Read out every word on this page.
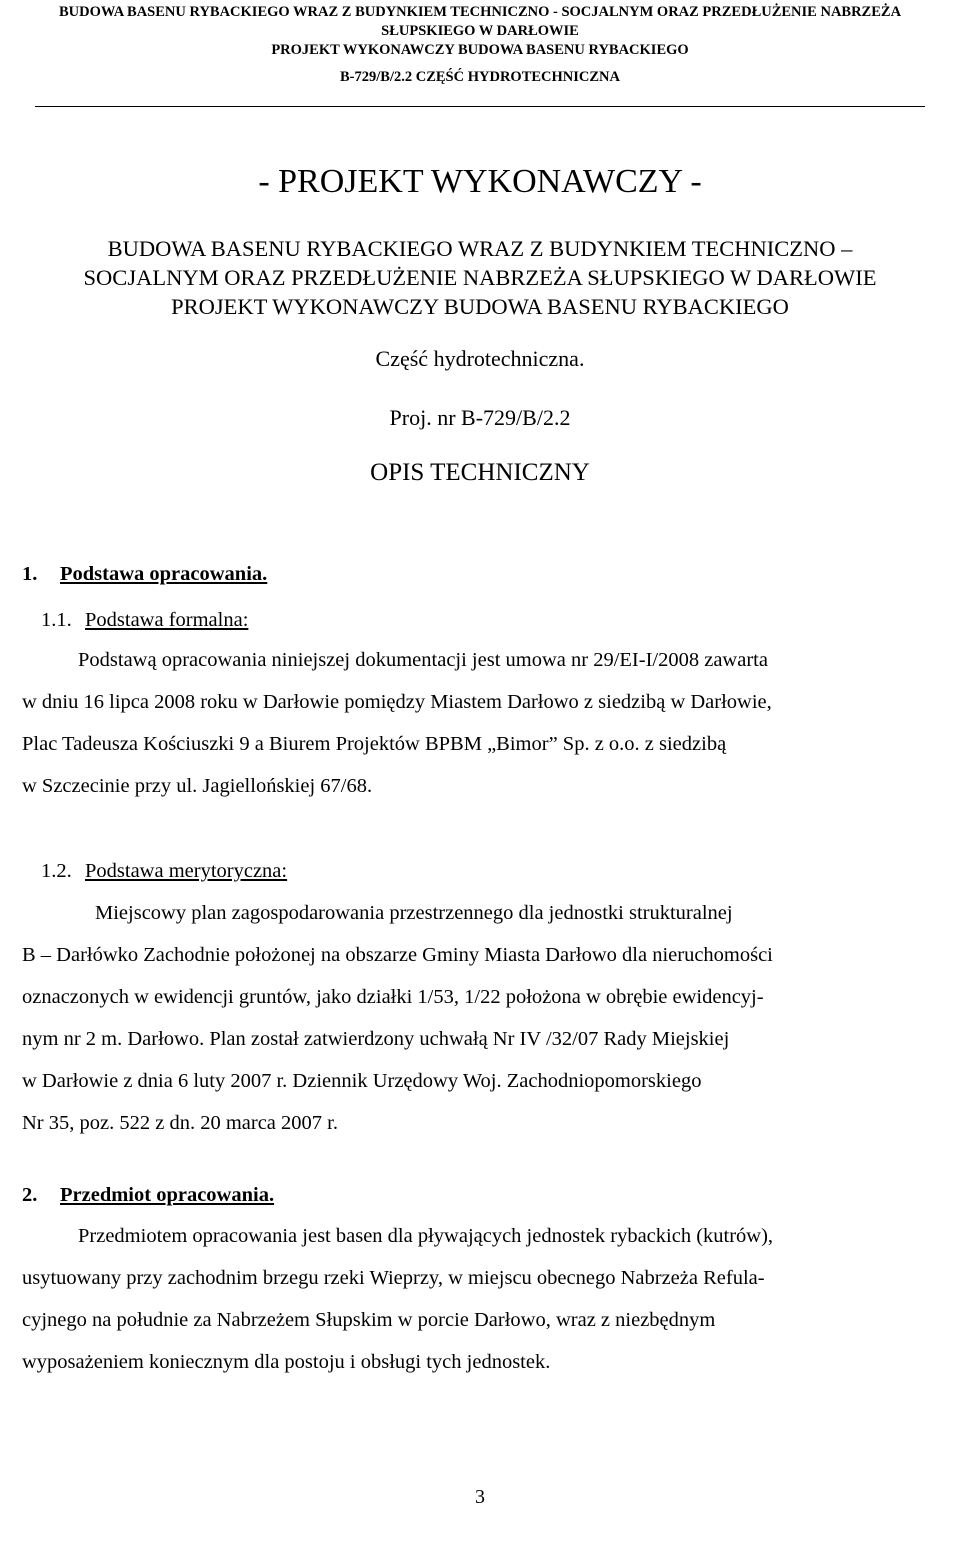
BUDOWA BASENU RYBACKIEGO WRAZ Z BUDYNKIEM TECHNICZNO - SOCJALNYM ORAZ PRZEDŁUŻENIE NABRZEŻA
SŁUPSKIEGO W DARŁOWIE
PROJEKT WYKONAWCZY BUDOWA BASENU RYBACKIEGO
B-729/B/2.2 CZĘŚĆ HYDROTECHNICZNA
- PROJEKT WYKONAWCZY -
BUDOWA BASENU RYBACKIEGO WRAZ Z BUDYNKIEM TECHNICZNO –
SOCJALNYM ORAZ PRZEDŁUŻENIE NABRZEŻA SŁUPSKIEGO W DARŁOWIE
PROJEKT WYKONAWCZY BUDOWA BASENU RYBACKIEGO
Część hydrotechniczna.
Proj. nr B-729/B/2.2
OPIS TECHNICZNY
1. Podstawa opracowania.
1.1. Podstawa formalna:
Podstawą opracowania niniejszej dokumentacji jest umowa nr 29/EI-I/2008 zawarta
w dniu 16 lipca 2008 roku w Darłowie pomiędzy Miastem Darłowo z siedzibą w Darłowie,
Plac Tadeusza Kościuszki 9 a Biurem Projektów BPBM „Bimor” Sp. z o.o. z siedzibą
w Szczecinie przy ul. Jagiellońskiej 67/68.
1.2. Podstawa merytoryczna:
Miejscowy plan zagospodarowania przestrzennego dla jednostki strukturalnej
B – Darłówko Zachodnie położonej na obszarze Gminy Miasta Darłowo dla nieruchomości
oznaczonych w ewidencji gruntów, jako działki 1/53, 1/22 położona w obrębie ewidencyj-
nym nr 2 m. Darłowo. Plan został zatwierdzony uchwałą Nr IV /32/07 Rady Miejskiej
w Darłowie z dnia 6 luty 2007 r. Dziennik Urzędowy Woj. Zachodniopomorskiego
Nr 35, poz. 522 z dn. 20 marca 2007 r.
2. Przedmiot opracowania.
Przedmiotem opracowania jest basen dla pływających jednostek rybackich (kutrów),
usytuowany przy zachodnim brzegu rzeki Wieprzy, w miejscu obecnego Nabrzeża Refula-
cyjnego na południe za Nabrzeżem Słupskim w porcie Darłowo, wraz z niezbędnym
wyposażeniem koniecznym dla postoju i obsługi tych jednostek.
3
